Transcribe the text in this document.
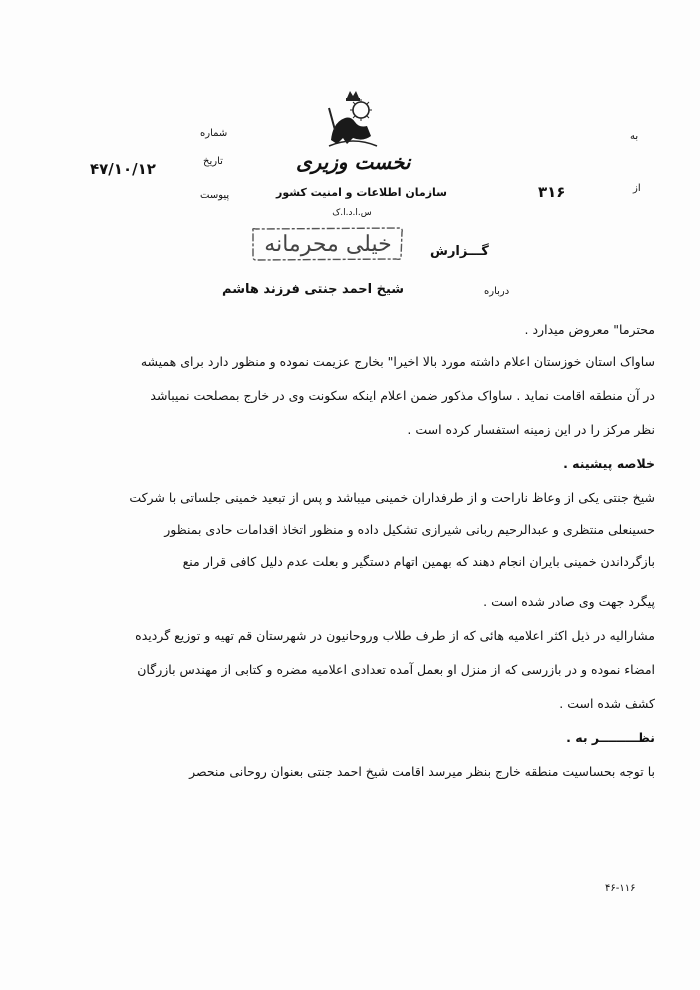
نخست وزیری
سازمان اطلاعات و امنیت کشور
س.ا.د.ا.ک
به
از
شماره
تاریخ
پیوست
۴۷/۱۰/۱۲
۳۱۶
خیلی محرمانه	گـــزارش
درباره
شیخ احمد جنتی فرزند هاشم
محترما" معروض میدارد .
ساواک استان خوزستان اعلام داشته مورد بالا اخیرا" بخارج عزیمت نموده و منظور دارد برای همیشه
در آن منطقه اقامت نماید . ساواک مذکور ضمن اعلام اینکه سکونت وی در خارج بمصلحت نمیباشد
نظر مرکز را در این زمینه استفسار کرده است .
خلاصه پیشینه .
شیخ جنتی یکی از وعاظ ناراحت و از طرفداران خمینی میباشد و پس از تبعید خمینی جلساتی با شرکت
حسینعلی منتظری و عبدالرحیم ربانی شیرازی تشکیل داده و منظور اتخاذ اقدامات حادی بمنظور
بازگرداندن خمینی بایران انجام دهند که بهمین اتهام دستگیر و بعلت عدم دلیل کافی قرار منع
پیگرد جهت وی صادر شده است .
مشارالیه در ذیل اکثر اعلامیه هائی که از طرف طلاب وروحانیون در شهرستان قم تهیه و توزیع گردیده
امضاء نموده و در بازرسی که از منزل او بعمل آمده تعدادی اعلامیه مضره و کتابی از مهندس بازرگان
کشف شده است .
نظـــــــــر به .
با توجه بحساسیت منطقه خارج بنظر میرسد اقامت شیخ احمد جنتی بعنوان روحانی منحصر
۴۶-۱۱۶
